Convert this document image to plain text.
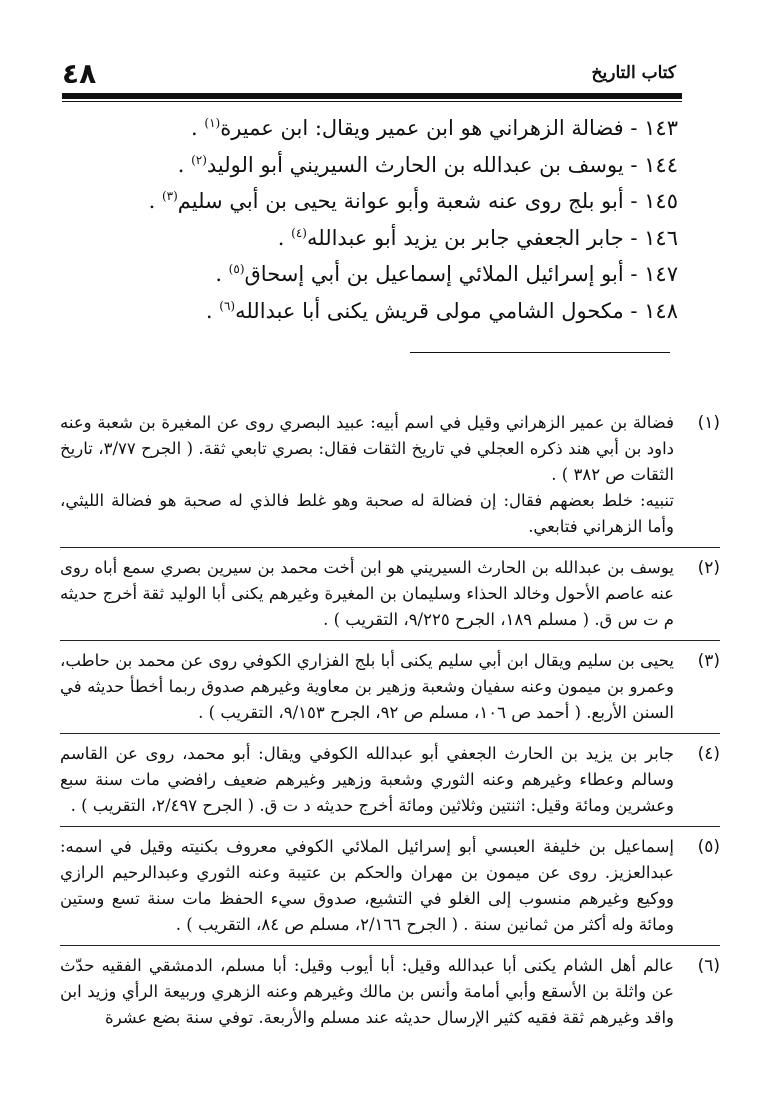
كتاب التاريخ
٤٨
١٤٣ - فضالة الزهراني هو ابن عمير ويقال: ابن عميرة$^{(١)}$ .
١٤٤ - يوسف بن عبدالله بن الحارث السيريني أبو الوليد$^{(٢)}$ .
١٤٥ - أبو بلج روى عنه شعبة وأبو عوانة يحيى بن أبي سليم$^{(٣)}$ .
١٤٦ - جابر الجعفي جابر بن يزيد أبو عبدالله$^{(٤)}$ .
١٤٧ - أبو إسرائيل الملائي إسماعيل بن أبي إسحاق$^{(٥)}$ .
١٤٨ - مكحول الشامي مولى قريش يكنى أبا عبدالله$^{(٦)}$ .
(١)

فضالة بن عمير الزهراني وقيل في اسم أبيه: عبيد البصري روى عن المغيرة بن شعبة وعنه داود بن أبي هند ذكره العجلي في تاريخ الثقات فقال: بصري تابعي ثقة. ( الجرح ٣/٧٧، تاريخ الثقات ص ٣٨٢ ) .

تنبيه: خلط بعضهم فقال: إن فضالة له صحبة وهو غلط فالذي له صحبة هو فضالة الليثي، وأما الزهراني فتابعي.

(٢)

يوسف بن عبدالله بن الحارث السيريني هو ابن أخت محمد بن سيرين بصري سمع أباه روى عنه عاصم الأحول وخالد الحذاء وسليمان بن المغيرة وغيرهم يكنى أبا الوليد ثقة أخرج حديثه م ت س ق. ( مسلم ١٨٩، الجرح ٩/٢٢٥، التقريب ) .

(٣)

يحيى بن سليم ويقال ابن أبي سليم يكنى أبا بلج الفزاري الكوفي روى عن محمد بن حاطب، وعمرو بن ميمون وعنه سفيان وشعبة وزهير بن معاوية وغيرهم صدوق ربما أخطأ حديثه في السنن الأربع. ( أحمد ص ١٠٦، مسلم ص ٩٢، الجرح ٩/١٥٣، التقريب ) .

(٤)

جابر بن يزيد بن الحارث الجعفي أبو عبدالله الكوفي ويقال: أبو محمد، روى عن القاسم وسالم وعطاء وغيرهم وعنه الثوري وشعبة وزهير وغيرهم ضعيف رافضي مات سنة سبع وعشرين ومائة وقيل: اثنتين وثلاثين ومائة أخرج حديثه د ت ق. ( الجرح ٢/٤٩٧، التقريب ) .

(٥)

إسماعيل بن خليفة العبسي أبو إسرائيل الملائي الكوفي معروف بكنيته وقيل في اسمه: عبدالعزيز. روى عن ميمون بن مهران والحكم بن عتيبة وعنه الثوري وعبدالرحيم الرازي ووكيع وغيرهم منسوب إلى الغلو في التشيع، صدوق سيء الحفظ مات سنة تسع وستين ومائة وله أكثر من ثمانين سنة . ( الجرح ٢/١٦٦، مسلم ص ٨٤، التقريب ) .

(٦)

عالم أهل الشام يكنى أبا عبدالله وقيل: أبا أيوب وقيل: أبا مسلم، الدمشقي الفقيه حدّث عن واثلة بن الأسقع وأبي أمامة وأنس بن مالك وغيرهم وعنه الزهري وربيعة الرأي وزيد ابن واقد وغيرهم ثقة فقيه كثير الإرسال حديثه عند مسلم والأربعة. توفي سنة بضع عشرة
